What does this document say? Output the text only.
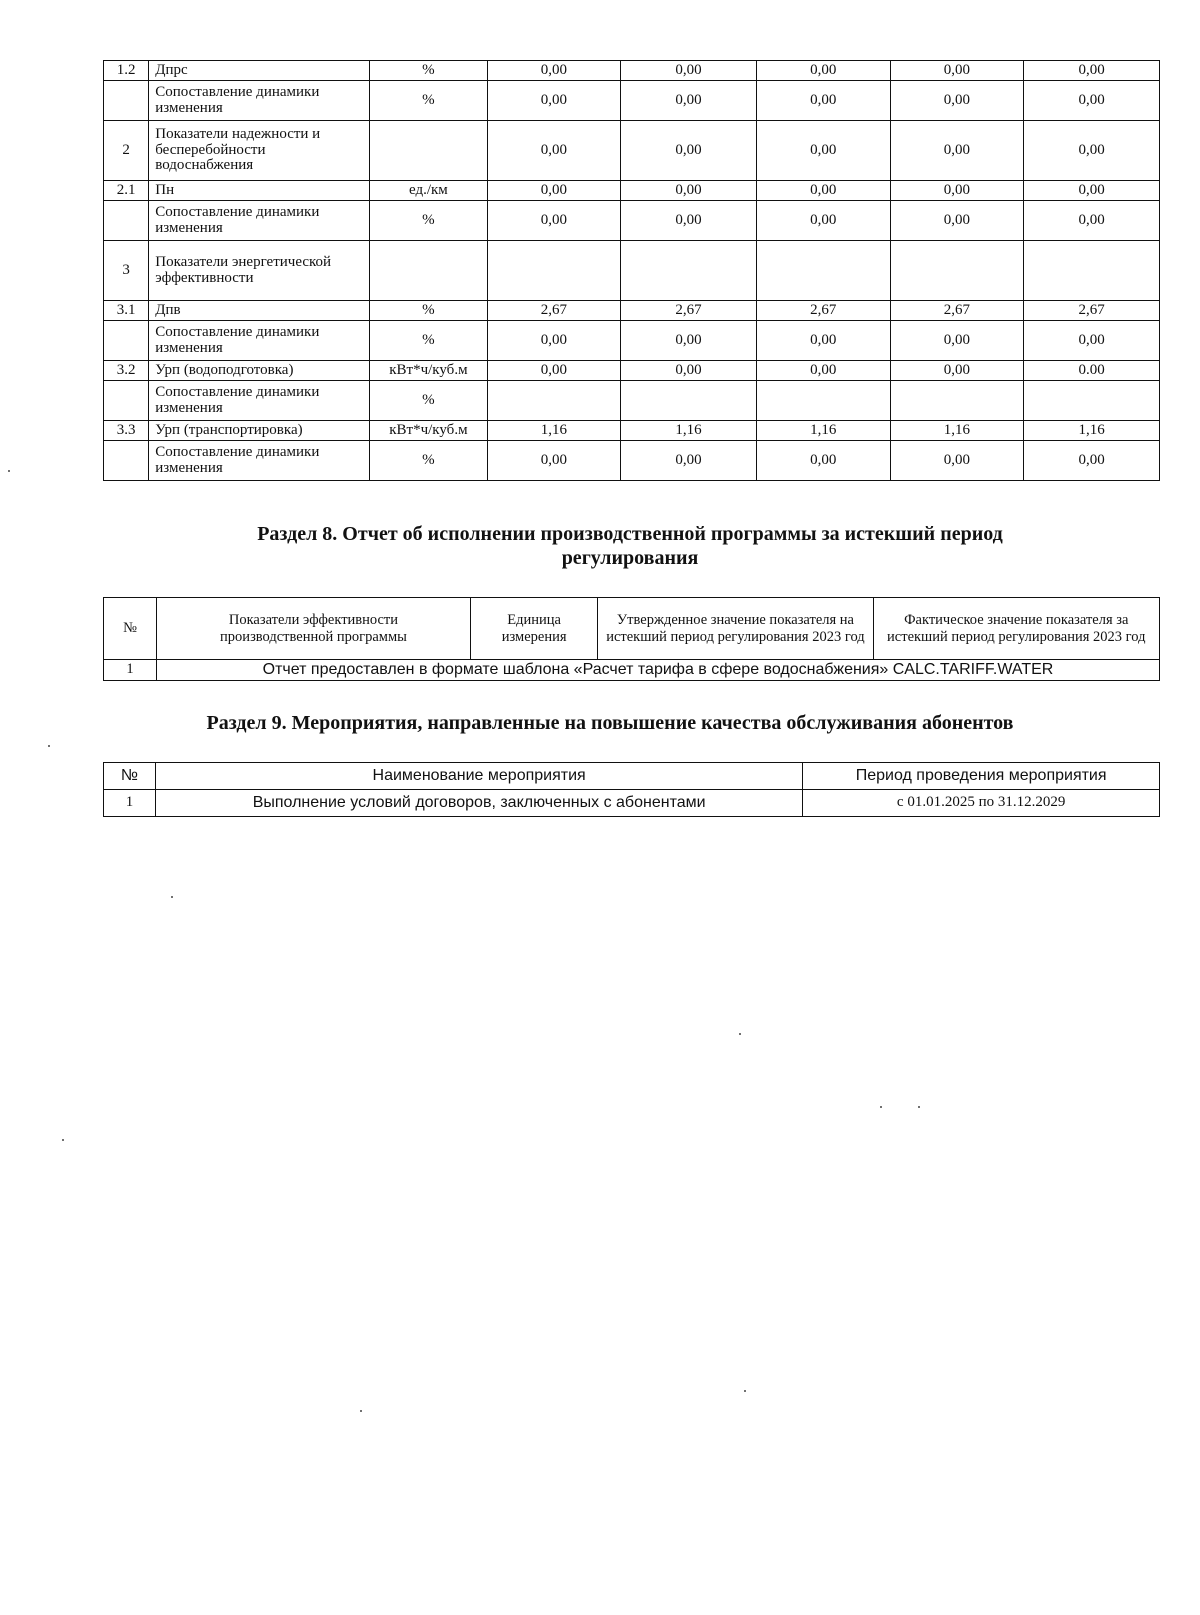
1.2	Дпрс	%	0,00	0,00	0,00	0,00	0,00
	Сопоставление динамики изменения	%	0,00	0,00	0,00	0,00	0,00
2	Показатели надежности и бесперебойности водоснабжения		0,00	0,00	0,00	0,00	0,00
2.1	Пн	ед./км	0,00	0,00	0,00	0,00	0,00
	Сопоставление динамики изменения	%	0,00	0,00	0,00	0,00	0,00
3	Показатели энергетической эффективности						
3.1	Дпв	%	2,67	2,67	2,67	2,67	2,67
	Сопоставление динамики изменения	%	0,00	0,00	0,00	0,00	0,00
3.2	Урп (водоподготовка)	кВт*ч/куб.м	0,00	0,00	0,00	0,00	0.00
	Сопоставление динамики изменения	%					
3.3	Урп (транспортировка)	кВт*ч/куб.м	1,16	1,16	1,16	1,16	1,16
	Сопоставление динамики изменения	%	0,00	0,00	0,00	0,00	0,00
Раздел 8. Отчет об исполнении производственной программы за истекший период
регулирования
№	Показатели эффективности производственной программы	Единица измерения	Утвержденное значение показателя на истекший период регулирования 2023 год	Фактическое значение показателя за истекший период регулирования 2023 год
1	Отчет предоставлен в формате шаблона «Расчет тарифа в сфере водоснабжения» CALC.TARIFF.WATER			
Раздел 9. Мероприятия, направленные на повышение качества обслуживания абонентов
№	Наименование мероприятия	Период проведения мероприятия
1	Выполнение условий договоров, заключенных с абонентами	с 01.01.2025 по 31.12.2029
